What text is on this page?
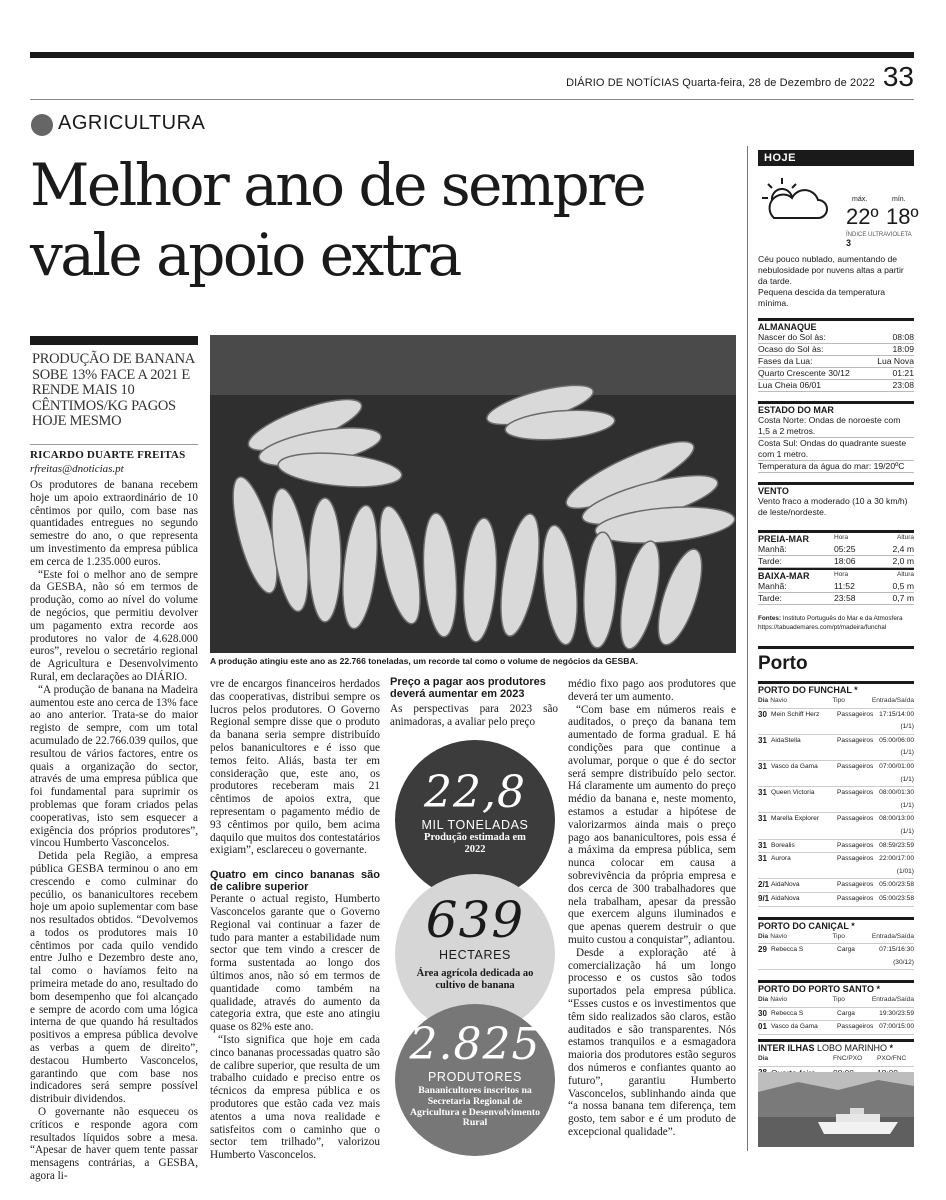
DIÁRIO DE NOTÍCIAS Quarta-feira, 28 de Dezembro de 2022 33
AGRICULTURA
Melhor ano de sempre
vale apoio extra
PRODUÇÃO DE BANANA SOBE 13% FACE A 2021 E RENDE MAIS 10 CÊNTIMOS/KG PAGOS HOJE MESMO
RICARDO DUARTE FREITAS
rfreitas@dnoticias.pt

Os produtores de banana recebem hoje um apoio extraordinário de 10 cêntimos por quilo, com base nas quantidades entregues no segundo semestre do ano, o que representa um investimento da empresa pública em cerca de 1.235.000 euros.

“Este foi o melhor ano de sempre da GESBA, não só em termos de produção, como ao nível do volume de negócios, que permitiu devolver um pagamento extra recorde aos produtores no valor de 4.628.000 euros”, revelou o secretário regional de Agricultura e Desenvolvimento Rural, em declarações ao DIÁRIO.

“A produção de banana na Madeira aumentou este ano cerca de 13% face ao ano anterior. Trata-se do maior registo de sempre, com um total acumulado de 22.766.039 quilos, que resultou de vários factores, entre os quais a organização do sector, através de uma empresa pública que foi fundamental para suprimir os problemas que foram criados pelas cooperativas, isto sem esquecer a exigência dos próprios produtores”, vincou Humberto Vasconcelos.

Detida pela Região, a empresa pública GESBA terminou o ano em crescendo e como culminar do pecúlio, os bananicultores recebem hoje um apoio suplementar com base nos resultados obtidos. “Devolvemos a todos os produtores mais 10 cêntimos por cada quilo vendido entre Julho e Dezembro deste ano, tal como o havíamos feito na primeira metade do ano, resultado do bom desempenho que foi alcançado e sempre de acordo com uma lógica interna de que quando há resultados positivos a empresa pública devolve as verbas a quem de direito”, destacou Humberto Vasconcelos, garantindo que com base nos indicadores será sempre possível distribuir dividendos.

O governante não esqueceu os críticos e responde agora com resultados líquidos sobre a mesa. “Apesar de haver quem tente passar mensagens contrárias, a GESBA, agora li-

A produção atingiu este ano as 22.766 toneladas, um recorde tal como o volume de negócios da GESBA.

vre de encargos financeiros herdados das cooperativas, distribui sempre os lucros pelos produtores. O Governo Regional sempre disse que o produto da banana seria sempre distribuído pelos bananicultores e é isso que temos feito. Aliás, basta ter em consideração que, este ano, os produtores receberam mais 21 cêntimos de apoios extra, que representam o pagamento médio de 93 cêntimos por quilo, bem acima daquilo que muitos dos contestatários exigiam”, esclareceu o governante.

Quatro em cinco bananas são de calibre superior

Perante o actual registo, Humberto Vasconcelos garante que o Governo Regional vai continuar a fazer de tudo para manter a estabilidade num sector que tem vindo a crescer de forma sustentada ao longo dos últimos anos, não só em termos de quantidade como também na qualidade, através do aumento da categoria extra, que este ano atingiu quase os 82% este ano.

“Isto significa que hoje em cada cinco bananas processadas quatro são de calibre superior, que resulta de um trabalho cuidado e preciso entre os técnicos da empresa pública e os produtores que estão cada vez mais atentos a uma nova realidade e satisfeitos com o caminho que o sector tem trilhado”, valorizou Humberto Vasconcelos.

Preço a pagar aos produtores deverá aumentar em 2023

As perspectivas para 2023 são animadoras, a avaliar pelo preço

22,8
MIL TONELADAS
Produção estimada em 2022
639
HECTARES
Área agrícola dedicada ao cultivo de banana
2.825
PRODUTORES
Bananicultores inscritos na Secretaria Regional de Agricultura e Desenvolvimento Rural

médio fixo pago aos produtores que deverá ter um aumento.

“Com base em números reais e auditados, o preço da banana tem aumentado de forma gradual. E há condições para que continue a avolumar, porque o que é do sector será sempre distribuído pelo sector. Há claramente um aumento do preço médio da banana e, neste momento, estamos a estudar a hipótese de valorizarmos ainda mais o preço pago aos bananicultores, pois essa é a máxima da empresa pública, sem nunca colocar em causa a sobrevivência da própria empresa e dos cerca de 300 trabalhadores que nela trabalham, apesar da pressão que exercem alguns iluminados e que apenas querem destruir o que muito custou a conquistar”, adiantou.

Desde a exploração até à comercialização há um longo processo e os custos são todos suportados pela empresa pública. “Esses custos e os investimentos que têm sido realizados são claros, estão auditados e são transparentes. Nós estamos tranquilos e a esmagadora maioria dos produtores estão seguros dos números e confiantes quanto ao futuro”, garantiu Humberto Vasconcelos, sublinhando ainda que “a nossa banana tem diferença, tem gosto, tem sabor e é um produto de excepcional qualidade”.

HOJE
máx.	mín.
22º 18º
ÍNDICE ULTRAVIOLETA 3
Céu pouco nublado, aumentando de nebulosidade por nuvens altas a partir da tarde.
Pequena descida da temperatura mínima.
ALMANAQUE
Nascer do Sol às:	08:08
Ocaso do Sol às:	18:09
Fases da Lua:	Lua Nova
Quarto Crescente 30/12	01:21
Lua Cheia 06/01	23:08
ESTADO DO MAR
Costa Norte: Ondas de noroeste com 1,5 a 2 metros.
Costa Sul: Ondas do quadrante sueste com 1 metro.
Temperatura da água do mar: 19/20ºC
VENTO
Vento fraco a moderado (10 a 30 km/h) de leste/nordeste.
PREIA-MAR	Hora	Altura
Manhã:	05:25	2,4 m
Tarde:	18:06	2,0 m
BAIXA-MAR	Hora	Altura
Manhã:	11:52	0,5 m
Tarde:	23:58	0,7 m
Fontes: Instituto Português do Mar e da Atmosfera
https://tabuademares.com/pt/madeira/funchal
Porto
PORTO DO FUNCHAL *
Dia Navio	Tipo	Entrada/Saída
30 Mein Schiff Herz	Passageiros 17:15/14:00 (1/1)
31 AidaStella	Passageiros 05:00/06:00 (1/1)
31 Vasco da Gama	Passageiros 07:00/01:00 (1/1)
31 Queen Victoria	Passageiros 08:00/01:30 (1/1)
31 Marella Explorer	Passageiros 08:00/13:00 (1/1)
31 Borealis	Passageiros 08:59/23:59
31 Aurora	Passageiros 22:00/17:00 (1/01)
2/1 AidaNova	Passageiros 05:00/23:58
9/1 AidaNova	Passageiros 05:00/23:58
PORTO DO CANIÇAL *
Dia Navio	Tipo	Entrada/Saída
29 Rebecca S	Carga	07:15/16:30 (30/12)
PORTO DO PORTO SANTO *
Dia Navio	Tipo	Entrada/Saída
30 Rebecca S	Carga	19:30/23:59
01 Vasco da Gama	Passageiros 07:00/15:00
INTER ILHAS LOBO MARINHO *
Dia	FNC/PXO	PXO/FNC
